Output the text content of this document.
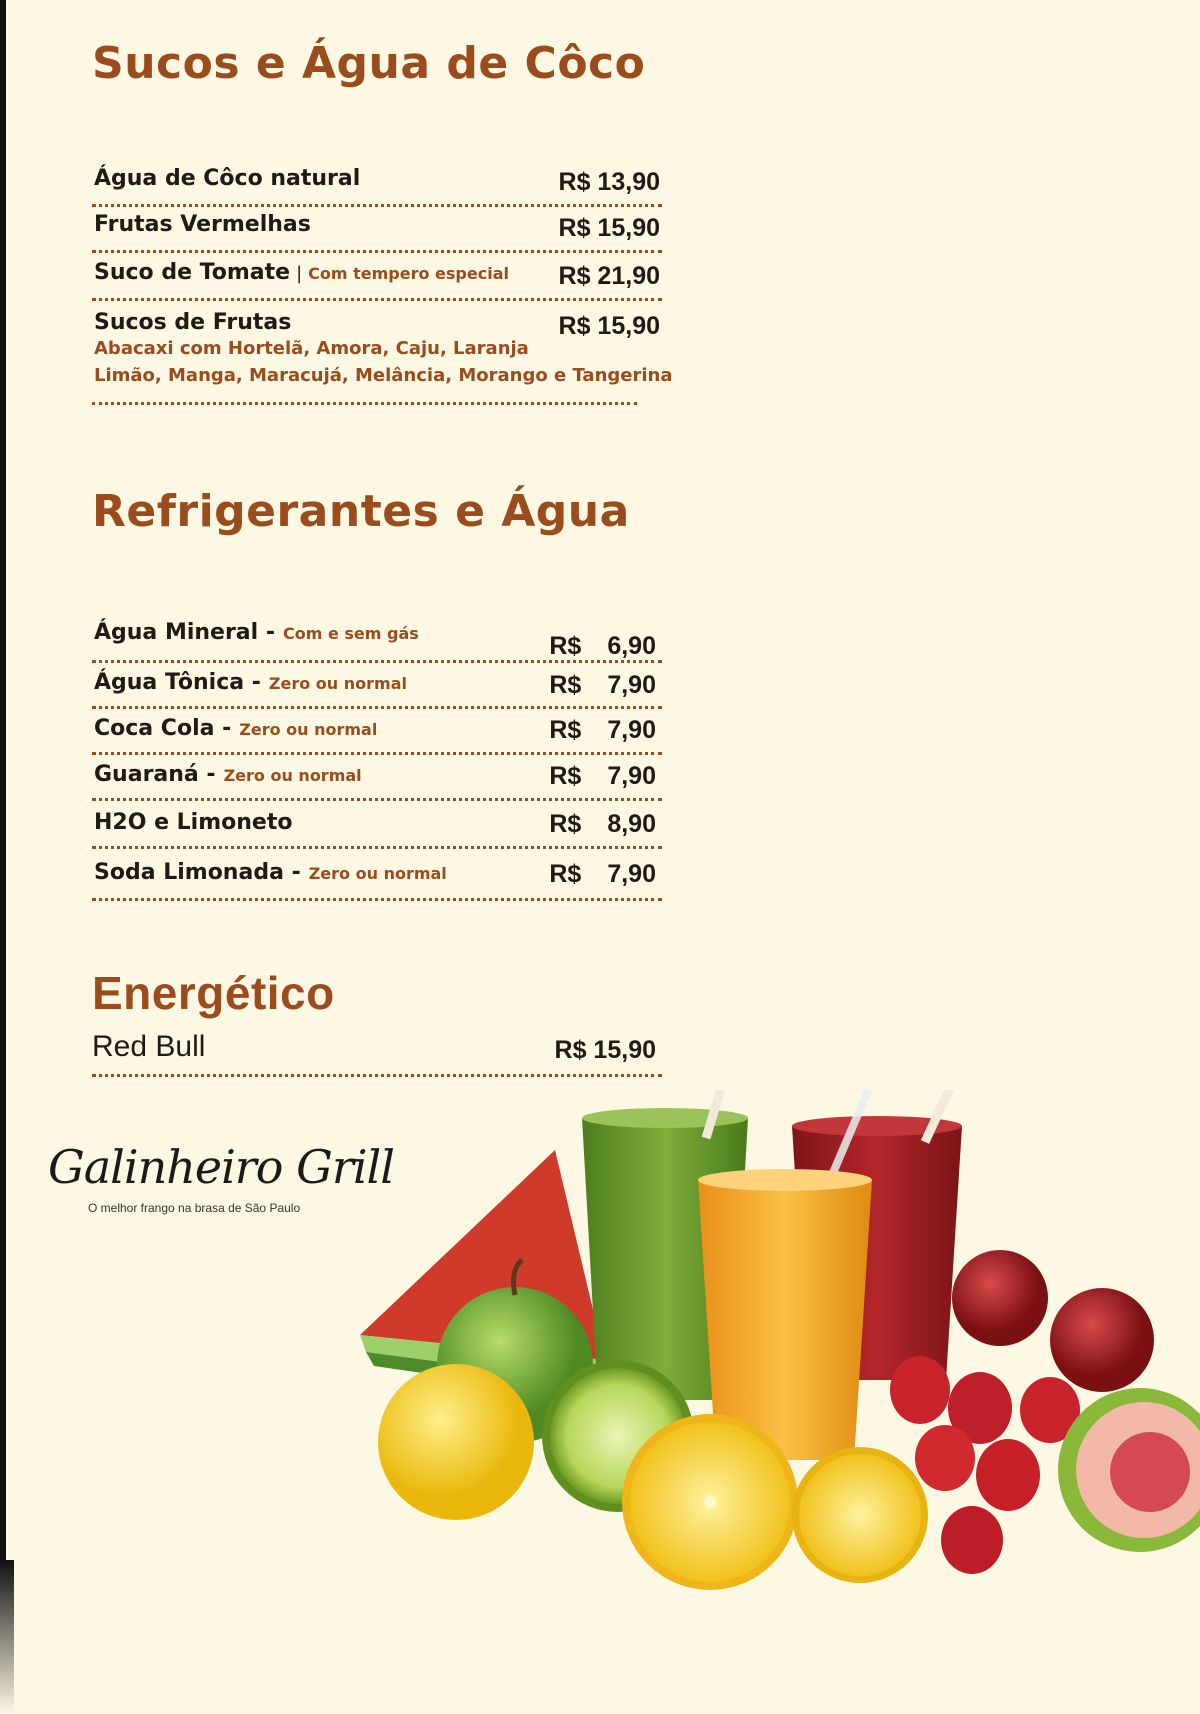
Sucos e Água de Côco
Água de Côco natural	R$ 13,90
Frutas Vermelhas	R$ 15,90
Suco de Tomate | Com tempero especial R$ 21,90
Sucos de Frutas	R$ 15,90
Abacaxi com Hortelã, Amora, Caju, Laranja
Limão, Manga, Maracujá, Melância, Morango e Tangerina
Refrigerantes e Água
Água Mineral - Com e sem gás	R$ 6,90
Água Tônica - Zero ou normal	R$ 7,90
Coca Cola - Zero ou normal	R$ 7,90
Guaraná - Zero ou normal	R$ 7,90
H2O e Limoneto	R$ 8,90
Soda Limonada - Zero ou normal	R$ 7,90
Energético
Red Bull	R$ 15,90
Galinheiro Grill
O melhor frango na brasa de São Paulo
